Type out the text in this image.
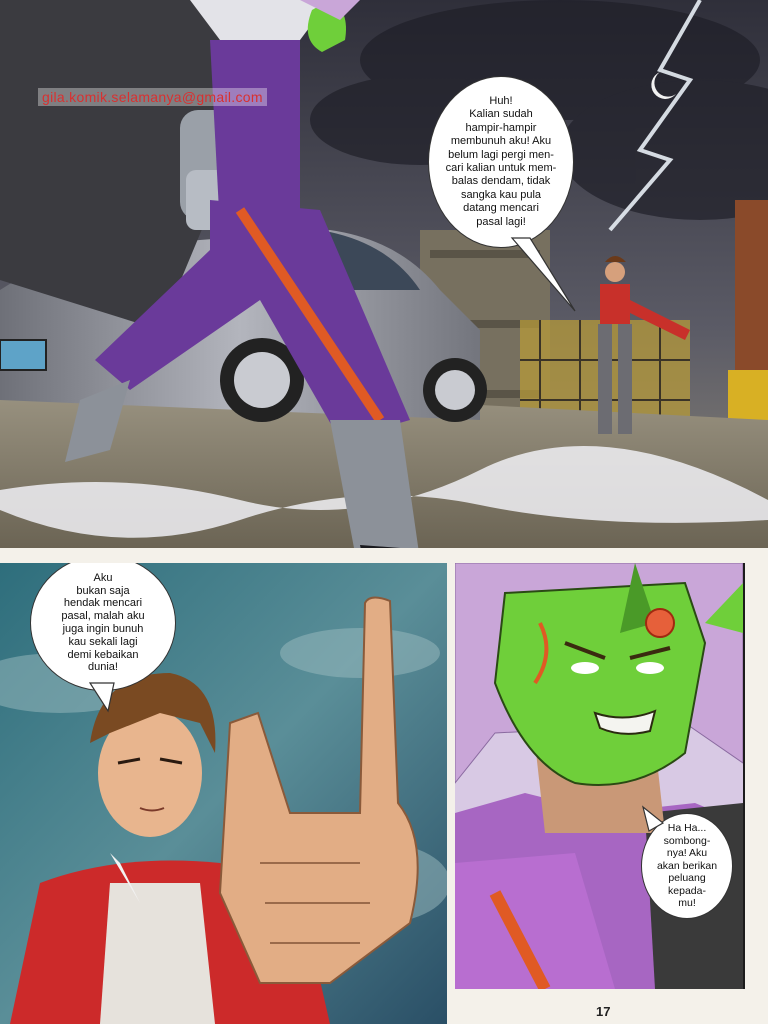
gila.komik.selamanya@gmail.com	Huh!
Kalian sudah
hampir-hampir
membunuh aku! Aku
belum lagi pergi men-
cari kalian untuk mem-
balas dendam, tidak
sangka kau pula
datang mencari
pasal lagi!
Aku
bukan saja
hendak mencari
pasal, malah aku
juga ingin bunuh
kau sekali lagi
demi kebaikan
dunia!
Ha Ha...
sombong-
nya! Aku
akan berikan
peluang
kepada-
mu!
17
